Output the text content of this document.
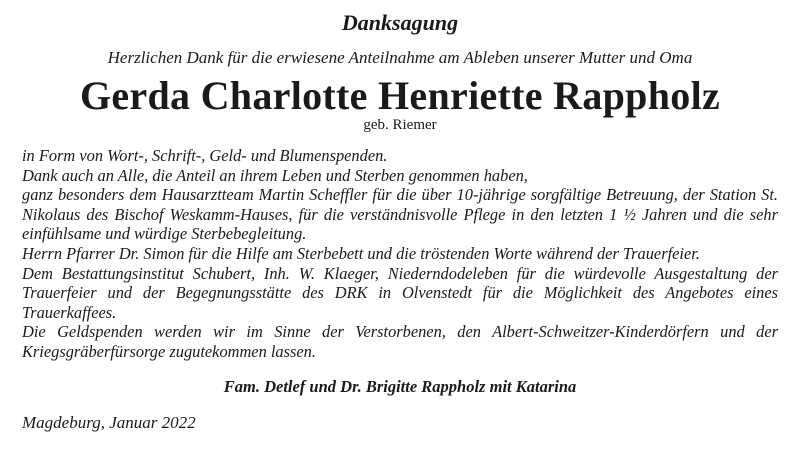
Danksagung

Herzlichen Dank für die erwiesene Anteilnahme am Ableben unserer Mutter und Oma

Gerda Charlotte Henriette Rappholz

geb. Riemer

in Form von Wort-, Schrift-, Geld- und Blumenspenden.

Dank auch an Alle, die Anteil an ihrem Leben und Sterben genommen haben,

ganz besonders dem Hausarztteam Martin Scheffler für die über 10-jährige sorgfältige Betreuung, der Station St. Nikolaus des Bischof Weskamm-Hauses, für die verständnisvolle Pflege in den letzten 1 ½ Jahren und die sehr einfühlsame und würdige Sterbebegleitung.

Herrn Pfarrer Dr. Simon für die Hilfe am Sterbebett und die tröstenden Worte während der Trauerfeier.

Dem Bestattungsinstitut Schubert, Inh. W. Klaeger, Niederndodeleben für die würdevolle Ausgestaltung der Trauerfeier und der Begegnungsstätte des DRK in Olvenstedt für die Möglichkeit des Angebotes eines Trauerkaffees.

Die Geldspenden werden wir im Sinne der Verstorbenen, den Albert-Schweitzer-Kinderdörfern und der Kriegsgräberfürsorge zugutekommen lassen.

Fam. Detlef und Dr. Brigitte Rappholz mit Katarina

Magdeburg, Januar 2022
